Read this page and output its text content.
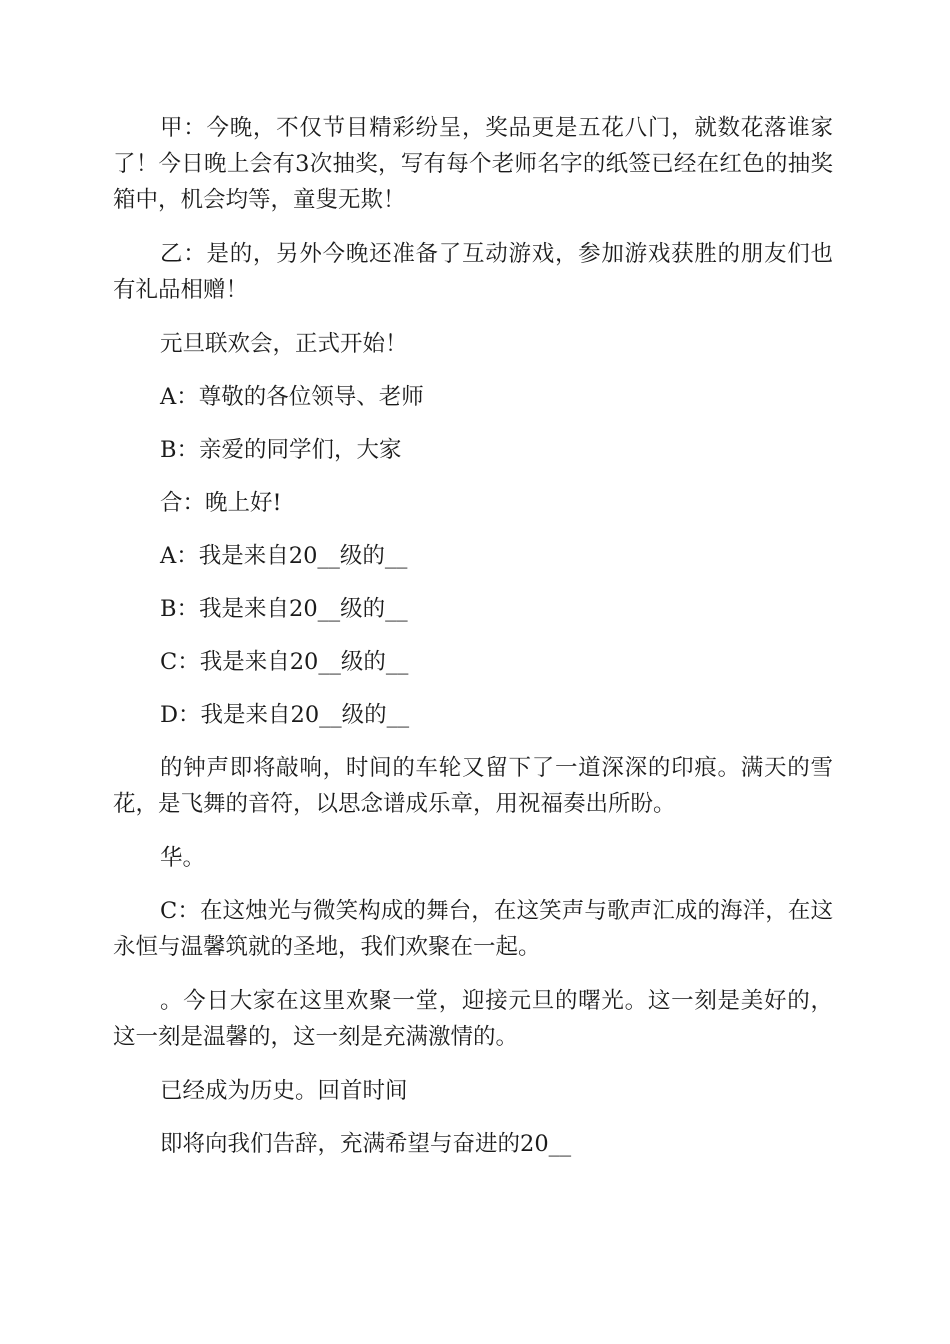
甲：今晚，不仅节目精彩纷呈，奖品更是五花八门，就数花落谁家了！今日晚上会有3次抽奖，写有每个老师名字的纸签已经在红色的抽奖箱中，机会均等，童叟无欺！

乙：是的，另外今晚还准备了互动游戏，参加游戏获胜的朋友们也有礼品相赠！

元旦联欢会，正式开始！

A：尊敬的各位领导、老师

B：亲爱的同学们，大家

合：晚上好!

A：我是来自20__级的__

B：我是来自20__级的__

C：我是来自20__级的__

D：我是来自20__级的__

的钟声即将敲响，时间的车轮又留下了一道深深的印痕。满天的雪花，是飞舞的音符，以思念谱成乐章，用祝福奏出所盼。

华。

C：在这烛光与微笑构成的舞台，在这笑声与歌声汇成的海洋，在这永恒与温馨筑就的圣地，我们欢聚在一起。

。今日大家在这里欢聚一堂，迎接元旦的曙光。这一刻是美好的，这一刻是温馨的，这一刻是充满激情的。

已经成为历史。回首时间

即将向我们告辞，充满希望与奋进的20__
